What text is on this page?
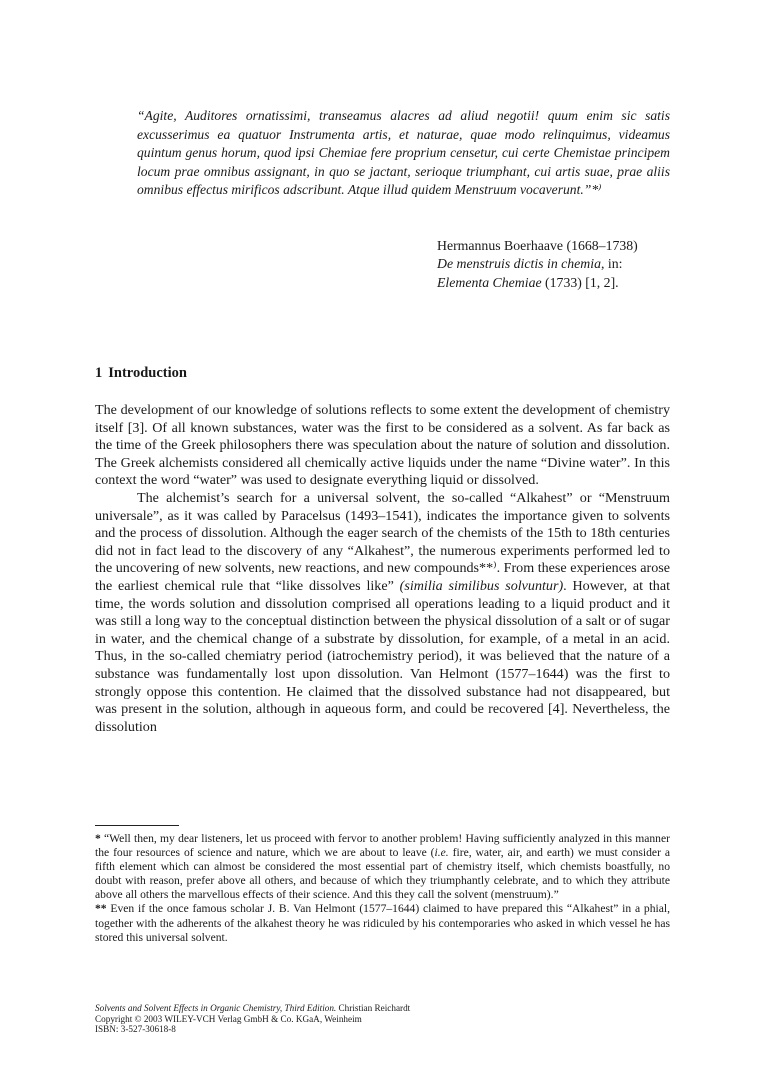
“Agite, Auditores ornatissimi, transeamus alacres ad aliud negotii! quum enim sic satis excusserimus ea quatuor Instrumenta artis, et naturae, quae modo relinquimus, videamus quintum genus horum, quod ipsi Chemiae fere proprium censetur, cui certe Chemistae principem locum prae omnibus assignant, in quo se jactant, serioque triumphant, cui artis suae, prae aliis omnibus effectus mirificos adscribunt. Atque illud quidem Menstruum vocaverunt.”*⁾
Hermannus Boerhaave (1668–1738)
De menstruis dictis in chemia, in:
Elementa Chemiae (1733) [1, 2].
1 Introduction

The development of our knowledge of solutions reflects to some extent the development of chemistry itself [3]. Of all known substances, water was the first to be considered as a solvent. As far back as the time of the Greek philosophers there was speculation about the nature of solution and dissolution. The Greek alchemists considered all chemically active liquids under the name “Divine water”. In this context the word “water” was used to designate everything liquid or dissolved.

The alchemist’s search for a universal solvent, the so-called “Alkahest” or “Menstruum universale”, as it was called by Paracelsus (1493–1541), indicates the importance given to solvents and the process of dissolution. Although the eager search of the chemists of the 15th to 18th centuries did not in fact lead to the discovery of any “Alkahest”, the numerous experiments performed led to the uncovering of new solvents, new reactions, and new compounds**⁾. From these experiences arose the earliest chemical rule that “like dissolves like” (similia similibus solvuntur). However, at that time, the words solution and dissolution comprised all operations leading to a liquid product and it was still a long way to the conceptual distinction between the physical dissolution of a salt or of sugar in water, and the chemical change of a substrate by dissolution, for example, of a metal in an acid. Thus, in the so-called chemiatry period (iatrochemistry period), it was believed that the nature of a substance was fundamentally lost upon dissolution. Van Helmont (1577–1644) was the first to strongly oppose this contention. He claimed that the dissolved substance had not disappeared, but was present in the solution, although in aqueous form, and could be recovered [4]. Nevertheless, the dissolution

* “Well then, my dear listeners, let us proceed with fervor to another problem! Having sufficiently analyzed in this manner the four resources of science and nature, which we are about to leave (i.e. fire, water, air, and earth) we must consider a fifth element which can almost be considered the most essential part of chemistry itself, which chemists boastfully, no doubt with reason, prefer above all others, and because of which they triumphantly celebrate, and to which they attribute above all others the marvellous effects of their science. And this they call the solvent (menstruum).”

** Even if the once famous scholar J. B. Van Helmont (1577–1644) claimed to have prepared this “Alkahest” in a phial, together with the adherents of the alkahest theory he was ridiculed by his contemporaries who asked in which vessel he has stored this universal solvent.

Solvents and Solvent Effects in Organic Chemistry, Third Edition. Christian Reichardt
Copyright © 2003 WILEY-VCH Verlag GmbH & Co. KGaA, Weinheim
ISBN: 3-527-30618-8
